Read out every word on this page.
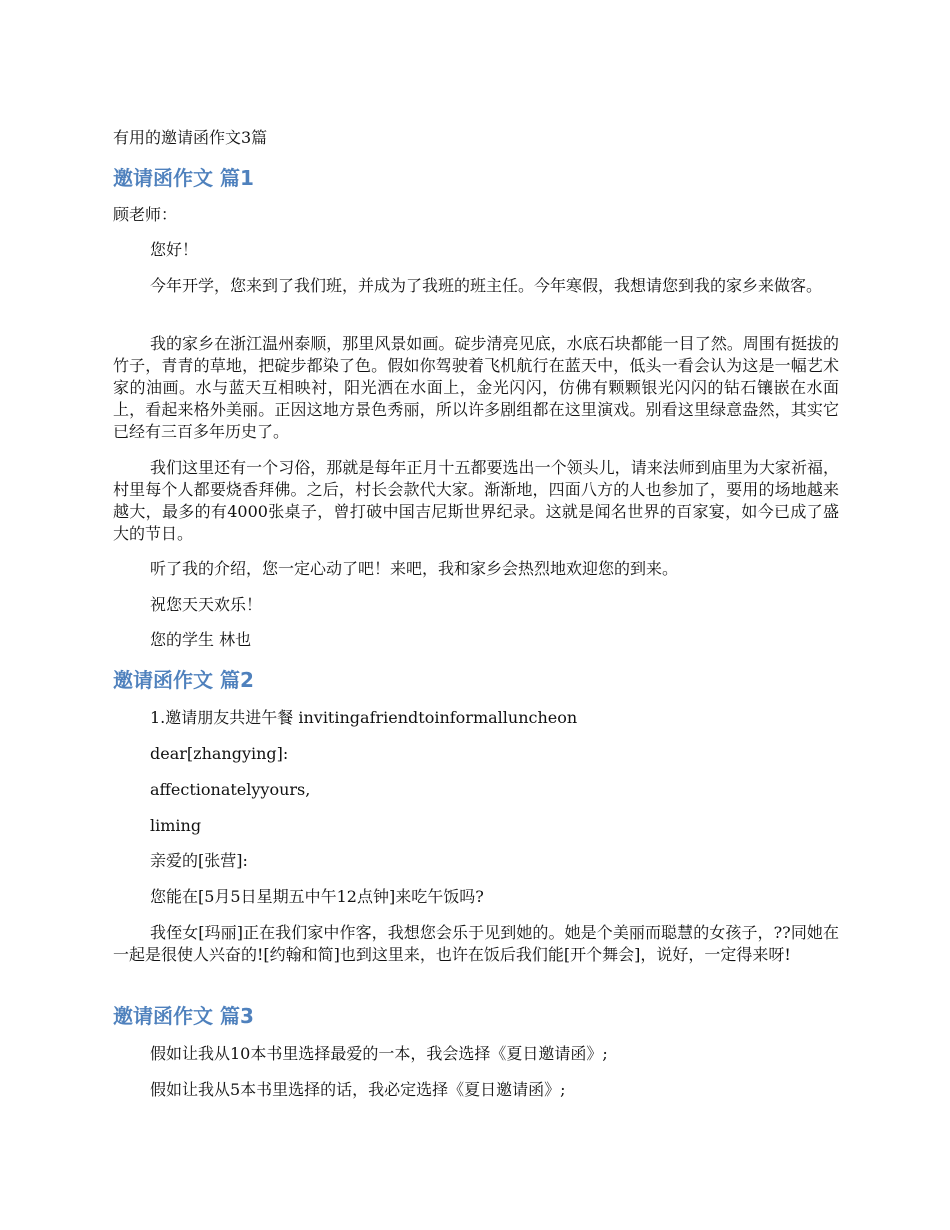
有用的邀请函作文3篇
邀请函作文 篇1
顾老师：
您好！
今年开学，您来到了我们班，并成为了我班的班主任。今年寒假，我想请您到我的家乡来做客。
我的家乡在浙江温州泰顺，那里风景如画。碇步清亮见底，水底石块都能一目了然。周围有挺拔的竹子，青青的草地，把碇步都染了色。假如你驾驶着飞机航行在蓝天中，低头一看会认为这是一幅艺术家的油画。水与蓝天互相映衬，阳光洒在水面上，金光闪闪，仿佛有颗颗银光闪闪的钻石镶嵌在水面上，看起来格外美丽。正因这地方景色秀丽，所以许多剧组都在这里演戏。别看这里绿意盎然，其实它已经有三百多年历史了。
我们这里还有一个习俗，那就是每年正月十五都要选出一个领头儿，请来法师到庙里为大家祈福，村里每个人都要烧香拜佛。之后，村长会款代大家。渐渐地，四面八方的人也参加了，要用的场地越来越大，最多的有4000张桌子，曾打破中国吉尼斯世界纪录。这就是闻名世界的百家宴，如今已成了盛大的节日。
听了我的介绍，您一定心动了吧！来吧，我和家乡会热烈地欢迎您的到来。
祝您天天欢乐！
您的学生 林也
邀请函作文 篇2
1.邀请朋友共进午餐 invitingafriendtoinformalluncheon
dear[zhangying]:
affectionatelyyours,
liming
亲爱的[张营]:
您能在[5月5日星期五中午12点钟]来吃午饭吗?
我侄女[玛丽]正在我们家中作客，我想您会乐于见到她的。她是个美丽而聪慧的女孩子，??同她在一起是很使人兴奋的![约翰和简]也到这里来，也许在饭后我们能[开个舞会]，说好，一定得来呀!
邀请函作文 篇3
假如让我从10本书里选择最爱的一本，我会选择《夏日邀请函》;
假如让我从5本书里选择的话，我必定选择《夏日邀请函》;
